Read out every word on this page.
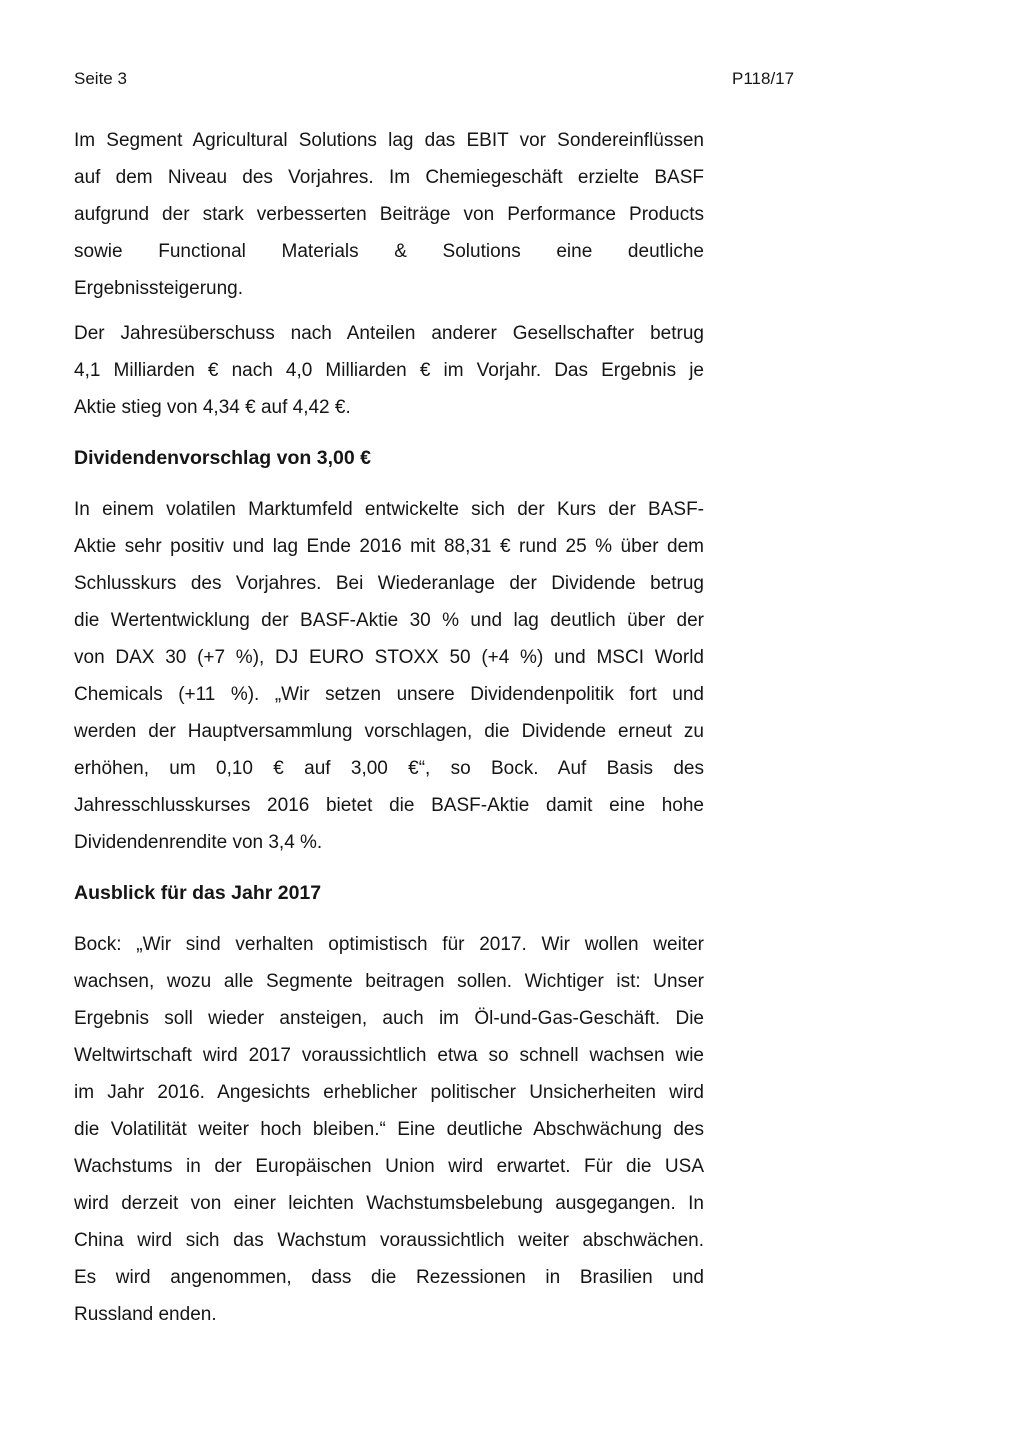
Seite 3	P118/17
Im Segment Agricultural Solutions lag das EBIT vor Sondereinflüssen
auf dem Niveau des Vorjahres. Im Chemiegeschäft erzielte BASF
aufgrund der stark verbesserten Beiträge von Performance Products
sowie Functional Materials & Solutions eine deutliche
Ergebnissteigerung.
Der Jahresüberschuss nach Anteilen anderer Gesellschafter betrug
4,1 Milliarden € nach 4,0 Milliarden € im Vorjahr. Das Ergebnis je
Aktie stieg von 4,34 € auf 4,42 €.
Dividendenvorschlag von 3,00 €
In einem volatilen Marktumfeld entwickelte sich der Kurs der BASF-
Aktie sehr positiv und lag Ende 2016 mit 88,31 € rund 25 % über dem
Schlusskurs des Vorjahres. Bei Wiederanlage der Dividende betrug
die Wertentwicklung der BASF-Aktie 30 % und lag deutlich über der
von DAX 30 (+7 %), DJ EURO STOXX 50 (+4 %) und MSCI World
Chemicals (+11 %). „Wir setzen unsere Dividendenpolitik fort und
werden der Hauptversammlung vorschlagen, die Dividende erneut zu
erhöhen, um 0,10 € auf 3,00 €“, so Bock. Auf Basis des
Jahresschlusskurses 2016 bietet die BASF-Aktie damit eine hohe
Dividendenrendite von 3,4 %.
Ausblick für das Jahr 2017
Bock: „Wir sind verhalten optimistisch für 2017. Wir wollen weiter
wachsen, wozu alle Segmente beitragen sollen. Wichtiger ist: Unser
Ergebnis soll wieder ansteigen, auch im Öl-und-Gas-Geschäft. Die
Weltwirtschaft wird 2017 voraussichtlich etwa so schnell wachsen wie
im Jahr 2016. Angesichts erheblicher politischer Unsicherheiten wird
die Volatilität weiter hoch bleiben.“ Eine deutliche Abschwächung des
Wachstums in der Europäischen Union wird erwartet. Für die USA
wird derzeit von einer leichten Wachstumsbelebung ausgegangen. In
China wird sich das Wachstum voraussichtlich weiter abschwächen.
Es wird angenommen, dass die Rezessionen in Brasilien und
Russland enden.
